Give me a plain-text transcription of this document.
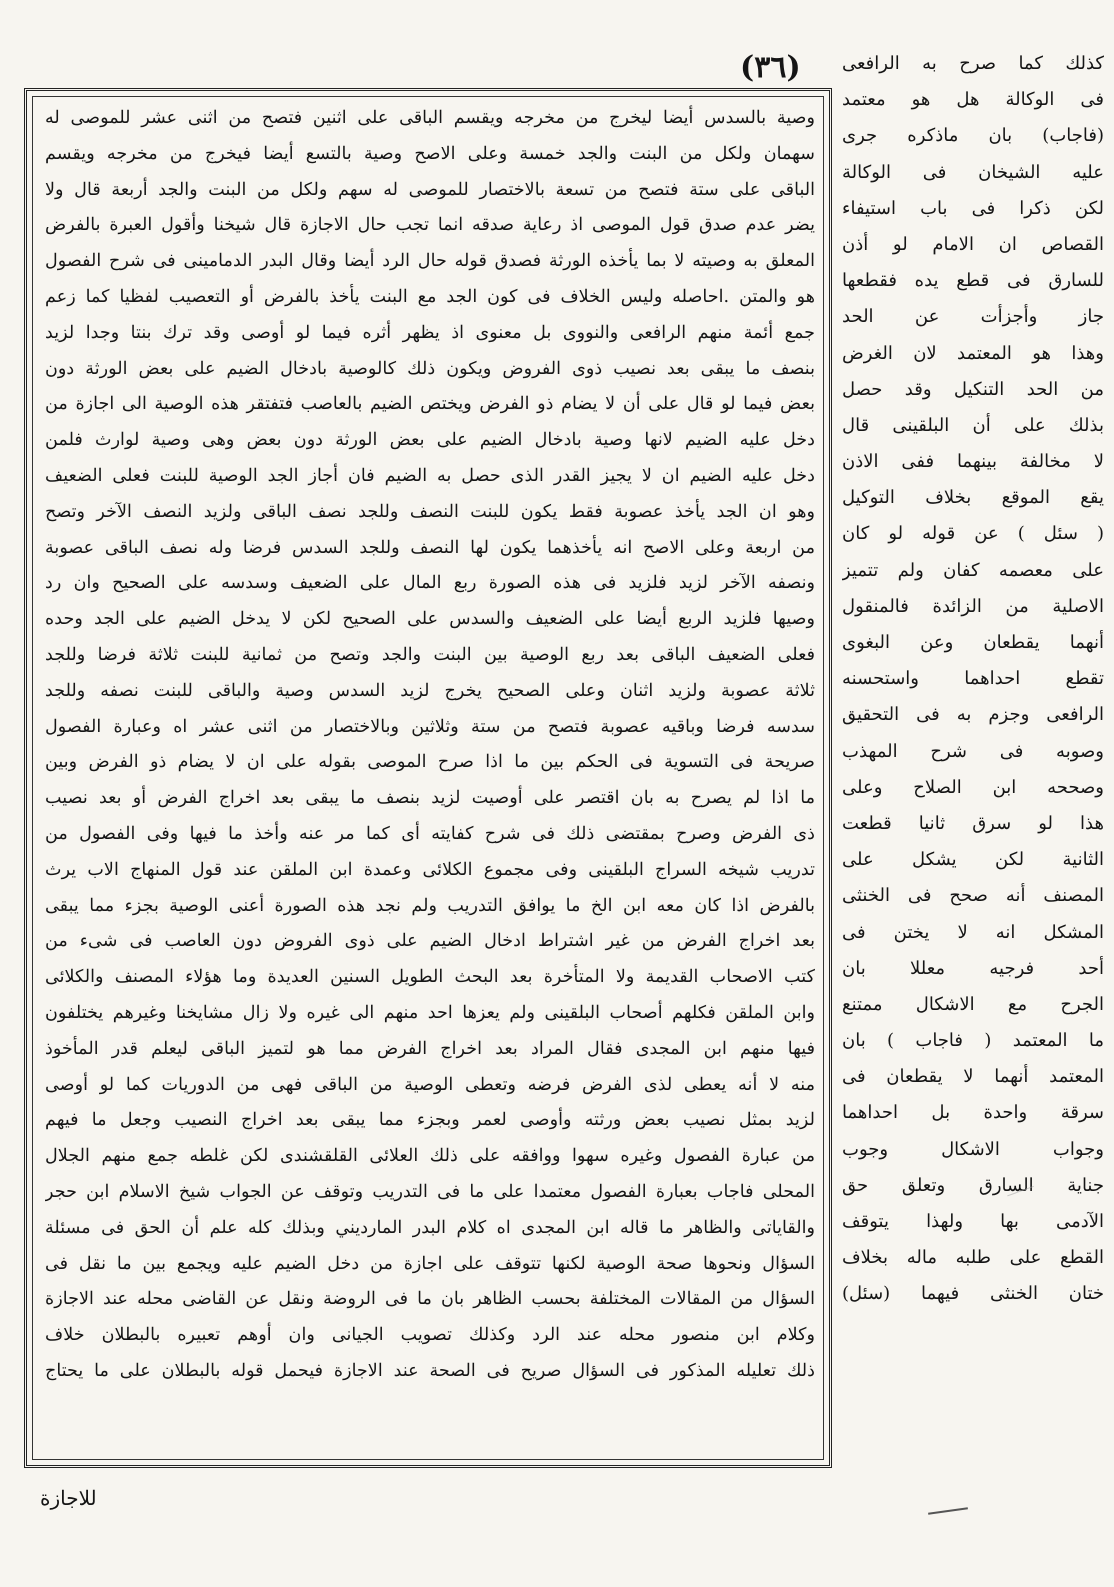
(٣٦) كذلك كما صرح به الرافعى
فى الوكالة هل هو معتمد
(فاجاب) بان ماذكره جرى
عليه الشيخان فى الوكالة
لكن ذكرا فى باب استيفاء
القصاص ان الامام لو أذن
للسارق فى قطع يده فقطعها
جاز وأجزأت عن الحد
وهذا هو المعتمد لان الغرض
من الحد التنكيل وقد حصل
بذلك على أن البلقينى قال
لا مخالفة بينهما ففى الاذن
يقع الموقع بخلاف التوكيل
( سئل ) عن قوله لو كان
على معصمه كفان ولم تتميز
الاصلية من الزائدة فالمنقول
أنهما يقطعان وعن البغوى
تقطع احداهما واستحسنه
الرافعى وجزم به فى التحقيق
وصوبه فى شرح المهذب
وصححه ابن الصلاح وعلى
هذا لو سرق ثانيا قطعت
الثانية لكن يشكل على
المصنف أنه صحح فى الخنثى
المشكل انه لا يختن فى
أحد فرجيه معللا بان
الجرح مع الاشكال ممتنع
ما المعتمد ( فاجاب ) بان
المعتمد أنهما لا يقطعان فى
سرقة واحدة بل احداهما
وجواب الاشكال وجوب
جناية السارق وتعلق حق
الآدمى بها ولهذا يتوقف
القطع على طلبه ماله بخلاف
ختان الخنثى فيهما (سئل)
وصية بالسدس أيضا ليخرج من مخرجه ويقسم الباقى على اثنين فتصح من اثنى عشر للموصى له
سهمان ولكل من البنت والجد خمسة وعلى الاصح وصية بالتسع أيضا فيخرج من مخرجه ويقسم
الباقى على ستة فتصح من تسعة بالاختصار للموصى له سهم ولكل من البنت والجد أربعة قال ولا
يضر عدم صدق قول الموصى اذ رعاية صدقه انما تجب حال الاجازة قال شيخنا وأقول العبرة بالفرض
المعلق به وصيته لا بما يأخذه الورثة فصدق قوله حال الرد أيضا وقال البدر الدمامينى فى شرح الفصول
هو والمتن .احاصله وليس الخلاف فى كون الجد مع البنت يأخذ بالفرض أو التعصيب لفظيا كما زعم
جمع أئمة منهم الرافعى والنووى بل معنوى اذ يظهر أثره فيما لو أوصى وقد ترك بنتا وجدا لزيد
بنصف ما يبقى بعد نصيب ذوى الفروض ويكون ذلك كالوصية بادخال الضيم على بعض الورثة دون
بعض فيما لو قال على أن لا يضام ذو الفرض ويختص الضيم بالعاصب فتفتقر هذه الوصية الى اجازة من
دخل عليه الضيم لانها وصية بادخال الضيم على بعض الورثة دون بعض وهى وصية لوارث فلمن
دخل عليه الضيم ان لا يجيز القدر الذى حصل به الضيم فان أجاز الجد الوصية للبنت فعلى الضعيف
وهو ان الجد يأخذ عصوبة فقط يكون للبنت النصف وللجد نصف الباقى ولزيد النصف الآخر وتصح
من اربعة وعلى الاصح انه يأخذهما يكون لها النصف وللجد السدس فرضا وله نصف الباقى عصوبة
ونصفه الآخر لزيد فلزيد فى هذه الصورة ربع المال على الضعيف وسدسه على الصحيح وان رد
وصيها فلزيد الربع أيضا على الضعيف والسدس على الصحيح لكن لا يدخل الضيم على الجد وحده
فعلى الضعيف الباقى بعد ربع الوصية بين البنت والجد وتصح من ثمانية للبنت ثلاثة فرضا وللجد
ثلاثة عصوبة ولزيد اثنان وعلى الصحيح يخرج لزيد السدس وصية والباقى للبنت نصفه وللجد
سدسه فرضا وباقيه عصوبة فتصح من ستة وثلاثين وبالاختصار من اثنى عشر اه وعبارة الفصول
صريحة فى التسوية فى الحكم بين ما اذا صرح الموصى بقوله على ان لا يضام ذو الفرض وبين
ما اذا لم يصرح به بان اقتصر على أوصيت لزيد بنصف ما يبقى بعد اخراج الفرض أو بعد نصيب
ذى الفرض وصرح بمقتضى ذلك فى شرح كفايته أى كما مر عنه وأخذ ما فيها وفى الفصول من
تدريب شيخه السراج البلقينى وفى مجموع الكلائى وعمدة ابن الملقن عند قول المنهاج الاب يرث
بالفرض اذا كان معه ابن الخ ما يوافق التدريب ولم نجد هذه الصورة أعنى الوصية بجزء مما يبقى
بعد اخراج الفرض من غير اشتراط ادخال الضيم على ذوى الفروض دون العاصب فى شىء من
كتب الاصحاب القديمة ولا المتأخرة بعد البحث الطويل السنين العديدة وما هؤلاء المصنف والكلائى
وابن الملقن فكلهم أصحاب البلقينى ولم يعزها احد منهم الى غيره ولا زال مشايخنا وغيرهم يختلفون
فيها منهم ابن المجدى فقال المراد بعد اخراج الفرض مما هو لتميز الباقى ليعلم قدر المأخوذ
منه لا أنه يعطى لذى الفرض فرضه وتعطى الوصية من الباقى فهى من الدوريات كما لو أوصى
لزيد بمثل نصيب بعض ورثته وأوصى لعمر وبجزء مما يبقى بعد اخراج النصيب وجعل ما فيهم
من عبارة الفصول وغيره سهوا ووافقه على ذلك العلائى القلقشندى لكن غلطه جمع منهم الجلال
المحلى فاجاب بعبارة الفصول معتمدا على ما فى التدريب وتوقف عن الجواب شيخ الاسلام ابن حجر
والقاياتى والظاهر ما قاله ابن المجدى اه كلام البدر المارديني وبذلك كله علم أن الحق فى مسئلة
السؤال ونحوها صحة الوصية لكنها تتوقف على اجازة من دخل الضيم عليه ويجمع بين ما نقل فى
السؤال من المقالات المختلفة بحسب الظاهر بان ما فى الروضة ونقل عن القاضى محله عند الاجازة
وكلام ابن منصور محله عند الرد وكذلك تصويب الجيانى وان أوهم تعبيره بالبطلان خلاف
ذلك تعليله المذكور فى السؤال صريح فى الصحة عند الاجازة فيحمل قوله بالبطلان على ما يحتاج
للاجازة
